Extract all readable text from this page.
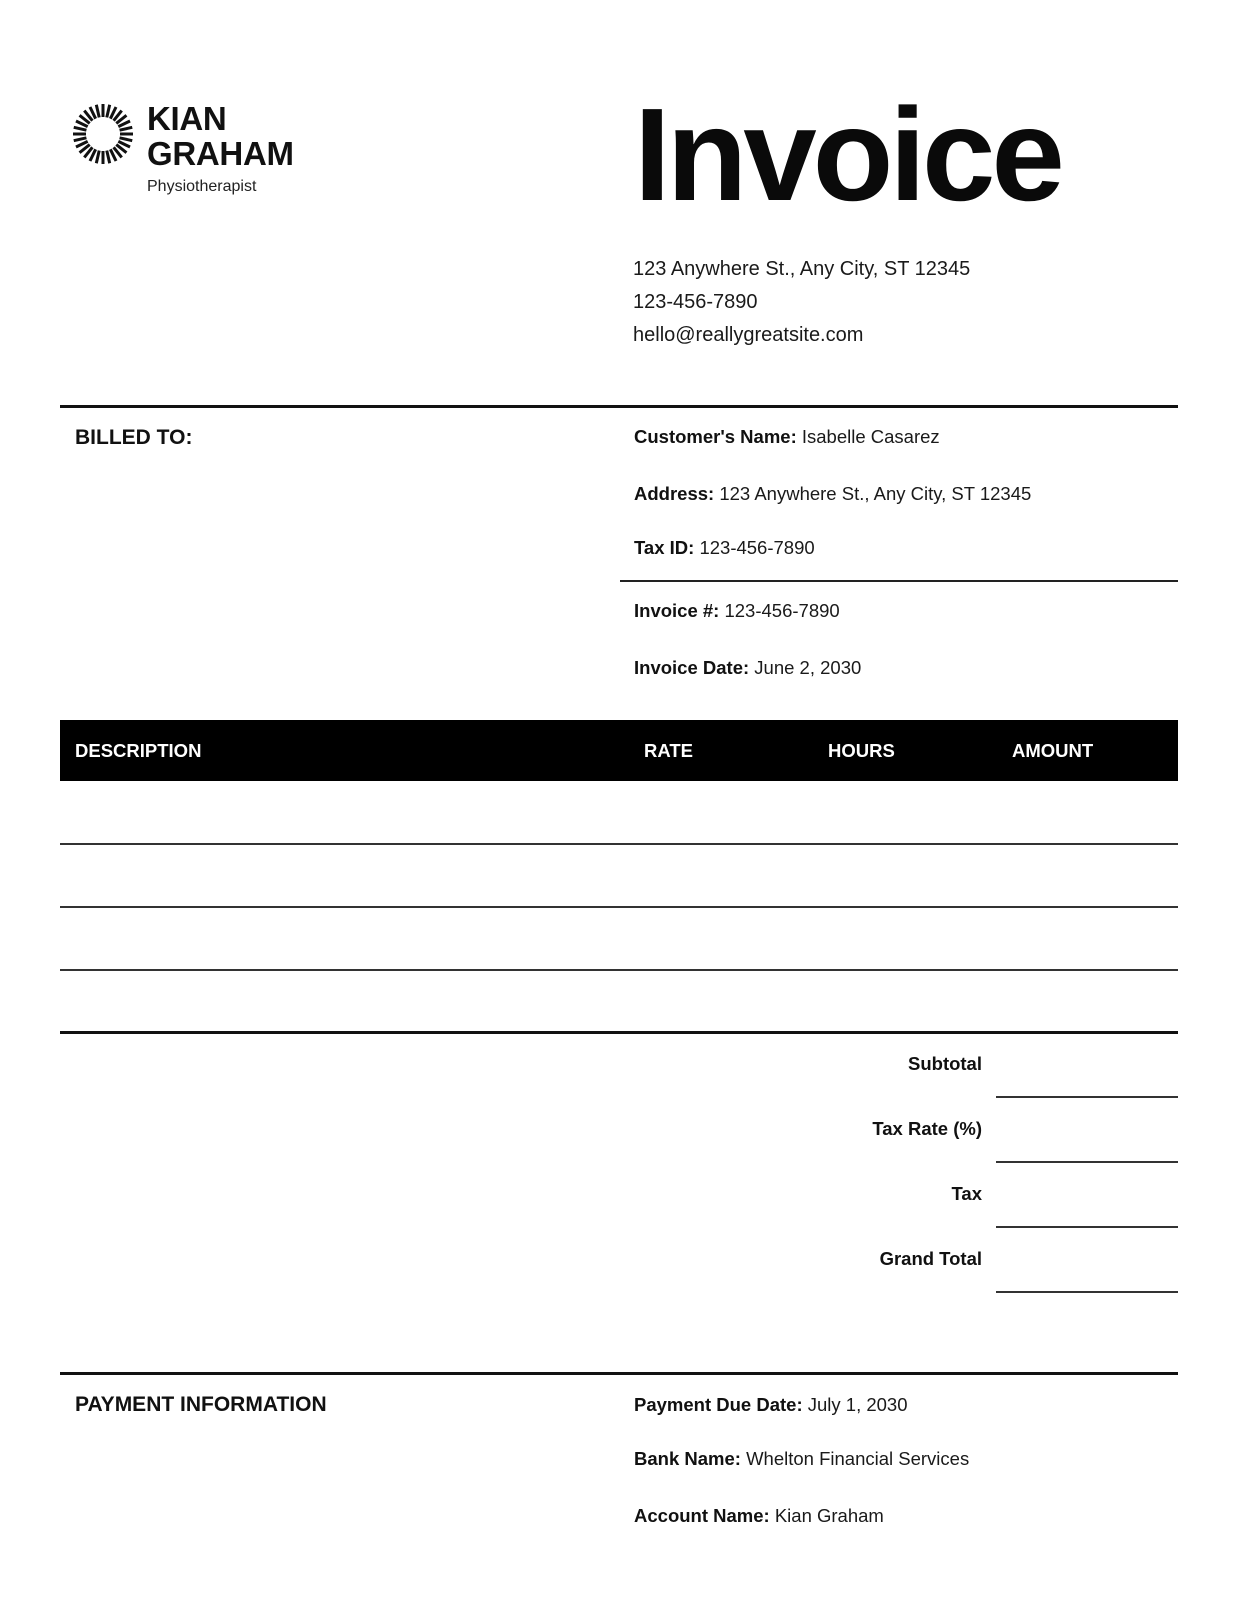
KIAN
GRAHAM
Physiotherapist	Invoice
123 Anywhere St., Any City, ST 12345
123-456-7890
hello@reallygreatsite.com
BILLED TO:	Customer's Name: Isabelle Casarez
Address: 123 Anywhere St., Any City, ST 12345
Tax ID: 123-456-7890
Invoice #: 123-456-7890
Invoice Date: June 2, 2030
DESCRIPTION	RATE	HOURS	AMOUNT
Subtotal
Tax Rate (%)
Tax
Grand Total
PAYMENT INFORMATION	Payment Due Date: July 1, 2030
Bank Name: Whelton Financial Services
Account Name: Kian Graham
